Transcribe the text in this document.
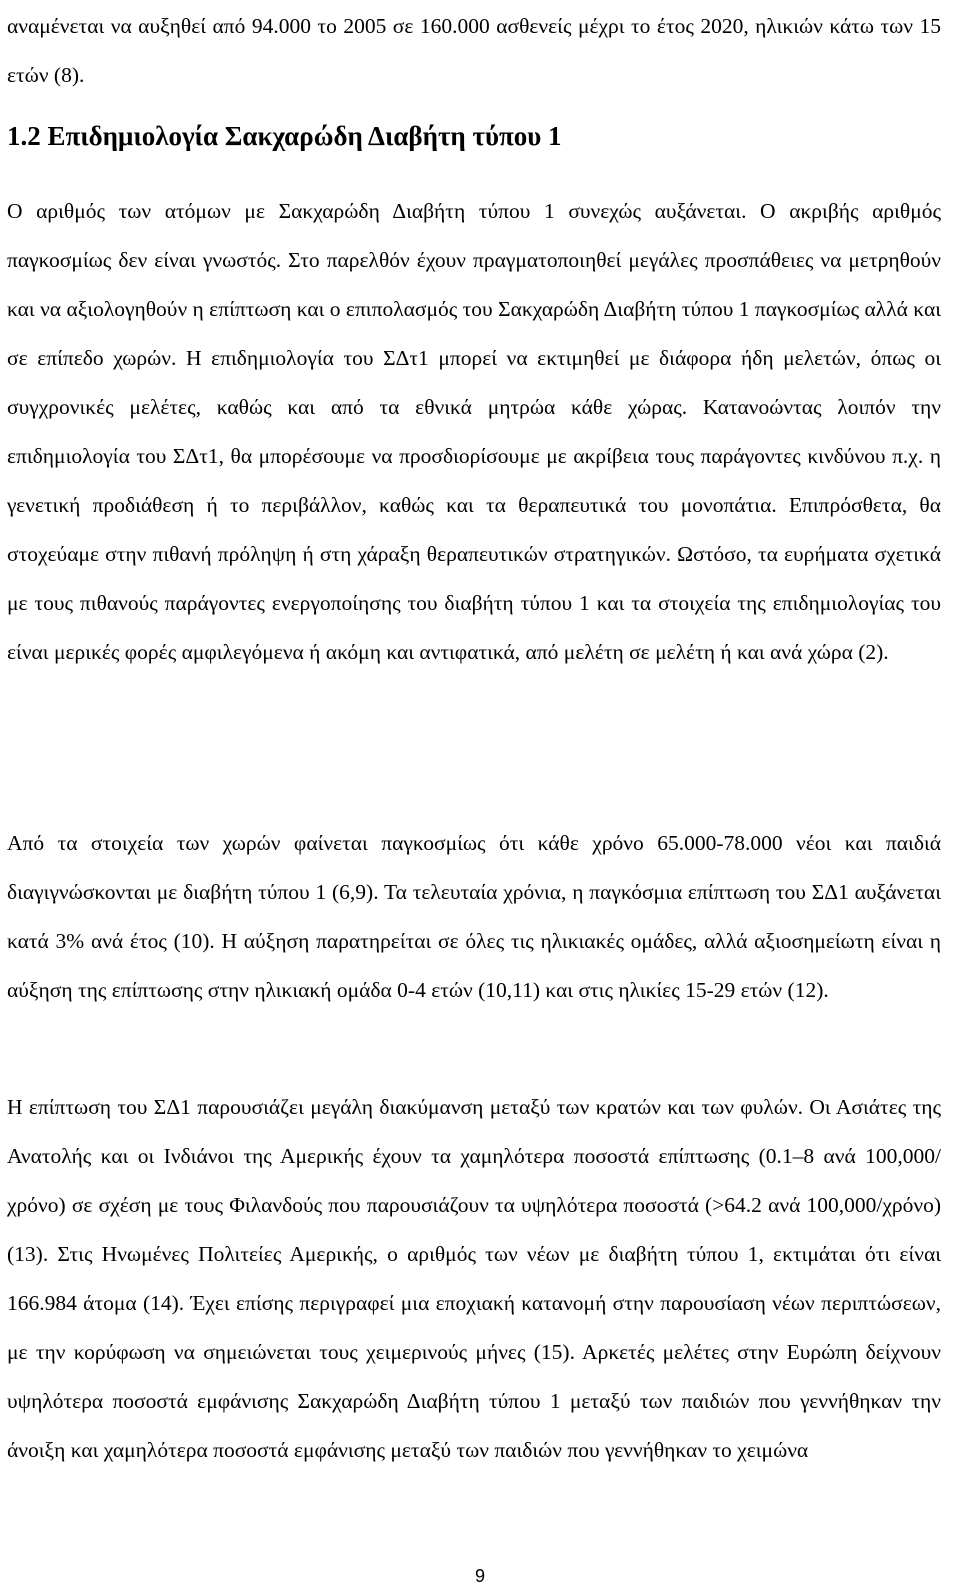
αναμένεται να αυξηθεί από 94.000 το 2005 σε 160.000 ασθενείς μέχρι το έτος 2020, ηλικιών κάτω των 15 ετών (8).

1.2 Επιδημιολογία Σακχαρώδη Διαβήτη τύπου 1

Ο αριθμός των ατόμων με Σακχαρώδη Διαβήτη τύπου 1 συνεχώς αυξάνεται. Ο ακριβής αριθμός παγκοσμίως δεν είναι γνωστός. Στο παρελθόν έχουν πραγματοποιηθεί μεγάλες προσπάθειες να μετρηθούν και να αξιολογηθούν η επίπτωση και ο επιπολασμός του Σακχαρώδη Διαβήτη τύπου 1 παγκοσμίως αλλά και σε επίπεδο χωρών. Η επιδημιολογία του ΣΔτ1 μπορεί να εκτιμηθεί με διάφορα ήδη μελετών, όπως οι συγχρονικές μελέτες, καθώς και από τα εθνικά μητρώα κάθε χώρας. Κατανοώντας λοιπόν την επιδημιολογία του ΣΔτ1, θα μπορέσουμε να προσδιορίσουμε με ακρίβεια τους παράγοντες κινδύνου π.χ. η γενετική προδιάθεση ή το περιβάλλον, καθώς και τα θεραπευτικά του μονοπάτια. Επιπρόσθετα, θα στοχεύαμε στην πιθανή πρόληψη ή στη χάραξη θεραπευτικών στρατηγικών. Ωστόσο, τα ευρήματα σχετικά με τους πιθανούς παράγοντες ενεργοποίησης του διαβήτη τύπου 1 και τα στοιχεία της επιδημιολογίας του είναι μερικές φορές αμφιλεγόμενα ή ακόμη και αντιφατικά, από μελέτη σε μελέτη ή και ανά χώρα (2).

Από τα στοιχεία των χωρών φαίνεται παγκοσμίως ότι κάθε χρόνο 65.000-78.000 νέοι και παιδιά διαγιγνώσκονται με διαβήτη τύπου 1 (6,9). Τα τελευταία χρόνια, η παγκόσμια επίπτωση του ΣΔ1 αυξάνεται κατά 3% ανά έτος (10). Η αύξηση παρατηρείται σε όλες τις ηλικιακές ομάδες, αλλά αξιοσημείωτη είναι η αύξηση της επίπτωσης στην ηλικιακή ομάδα 0-4 ετών (10,11) και στις ηλικίες 15-29 ετών (12).

Η επίπτωση του ΣΔ1 παρουσιάζει μεγάλη διακύμανση μεταξύ των κρατών και των φυλών. Οι Ασιάτες της Ανατολής και οι Ινδιάνοι της Αμερικής έχουν τα χαμηλότερα ποσοστά επίπτωσης (0.1–8 ανά 100,000/χρόνο) σε σχέση με τους Φιλανδούς που παρουσιάζουν τα υψηλότερα ποσοστά (>64.2 ανά 100,000/χρόνο) (13). Στις Ηνωμένες Πολιτείες Αμερικής, ο αριθμός των νέων με διαβήτη τύπου 1, εκτιμάται ότι είναι 166.984 άτομα (14). Έχει επίσης περιγραφεί μια εποχιακή κατανομή στην παρουσίαση νέων περιπτώσεων, με την κορύφωση να σημειώνεται τους χειμερινούς μήνες (15). Αρκετές μελέτες στην Ευρώπη δείχνουν υψηλότερα ποσοστά εμφάνισης Σακχαρώδη Διαβήτη τύπου 1 μεταξύ των παιδιών που γεννήθηκαν την άνοιξη και χαμηλότερα ποσοστά εμφάνισης μεταξύ των παιδιών που γεννήθηκαν το χειμώνα

9
